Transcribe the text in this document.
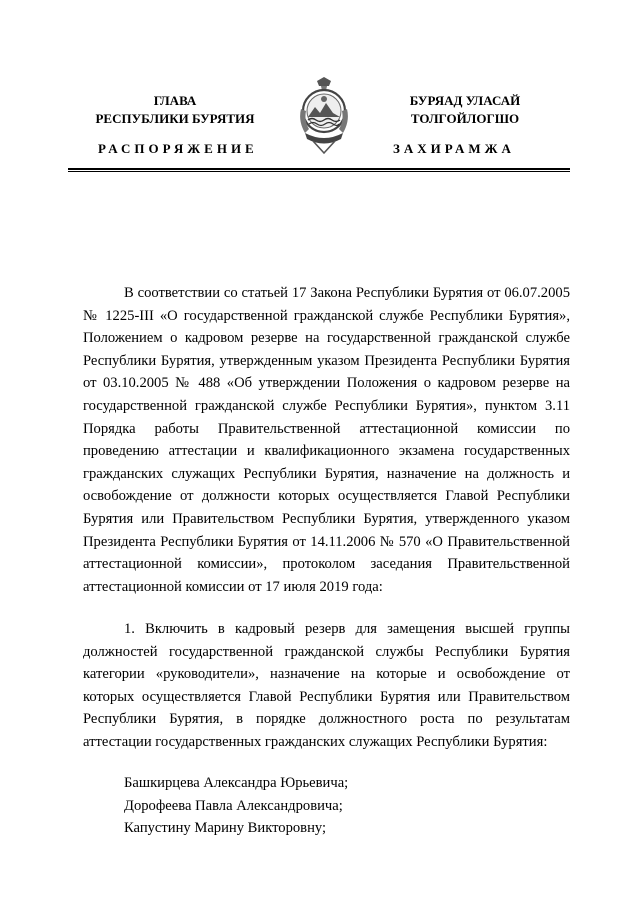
ГЛАВА
РЕСПУБЛИКИ БУРЯТИЯ
БУРЯАД УЛАСАЙ
ТОЛГОЙЛОГШО
РАСПОРЯЖЕНИЕ	ЗАХИРАМЖА
В соответствии со статьей 17 Закона Республики Бурятия от 06.07.2005 № 1225-III «О государственной гражданской службе Республики Бурятия», Положением о кадровом резерве на государственной гражданской службе Республики Бурятия, утвержденным указом Президента Республики Бурятия от 03.10.2005 № 488 «Об утверждении Положения о кадровом резерве на государственной гражданской службе Республики Бурятия», пунктом 3.11 Порядка работы Правительственной аттестационной комиссии по проведению аттестации и квалификационного экзамена государственных гражданских служащих Республики Бурятия, назначение на должность и освобождение от должности которых осуществляется Главой Республики Бурятия или Правительством Республики Бурятия, утвержденного указом Президента Республики Бурятия от 14.11.2006 № 570 «О Правительственной аттестационной комиссии», протоколом заседания Правительственной аттестационной комиссии от 17 июля 2019 года:
1. Включить в кадровый резерв для замещения высшей группы должностей государственной гражданской службы Республики Бурятия категории «руководители», назначение на которые и освобождение от которых осуществляется Главой Республики Бурятия или Правительством Республики Бурятия, в порядке должностного роста по результатам аттестации государственных гражданских служащих Республики Бурятия:
Башкирцева Александра Юрьевича;
Дорофеева Павла Александровича;
Капустину Марину Викторовну;
